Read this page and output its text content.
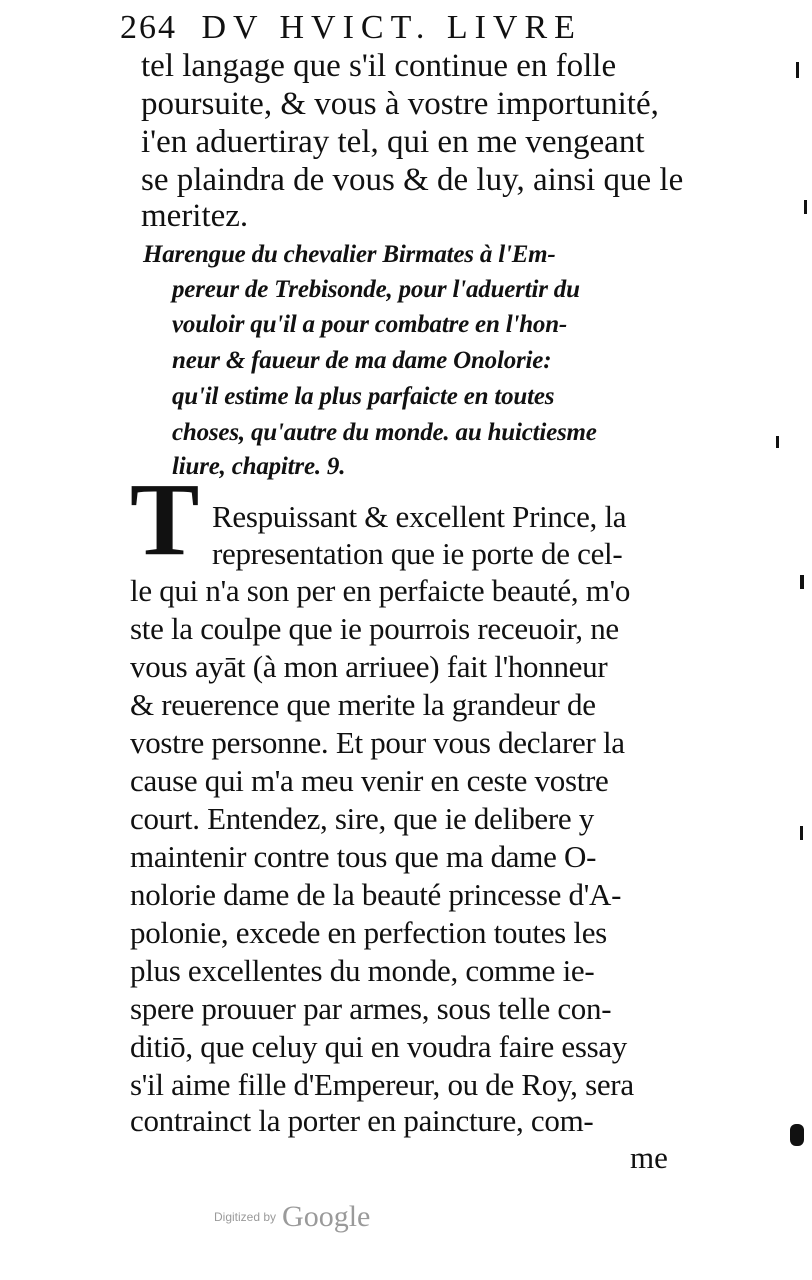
264 DV HVICT. LIVRE
tel langage que s'il continue en folle
poursuite, & vous à vostre importunité,
i'en aduertiray tel, qui en me vengeant
se plaindra de vous & de luy, ainsi que le
meritez.
Harengue du chevalier Birmates à l'Em-
pereur de Trebisonde, pour l'aduertir du
vouloir qu'il a pour combatre en l'hon-
neur & faueur de ma dame Onolorie:
qu'il estime la plus parfaicte en toutes
choses, qu'autre du monde. au huictiesme
liure, chapitre. 9.
T Respuissant & excellent Prince, la
representation que ie porte de cel-
le qui n'a son per en perfaicte beauté, m'o
ste la coulpe que ie pourrois receuoir, ne
vous ayāt (à mon arriuee) fait l'honneur
& reuerence que merite la grandeur de
vostre personne. Et pour vous declarer la
cause qui m'a meu venir en ceste vostre
court. Entendez, sire, que ie delibere y
maintenir contre tous que ma dame O-
nolorie dame de la beauté princesse d'A-
polonie, excede en perfection toutes les
plus excellentes du monde, comme ie-
spere prouuer par armes, sous telle con-
ditiō, que celuy qui en voudra faire essay
s'il aime fille d'Empereur, ou de Roy, sera
contrainct la porter en paincture, com-
me
Digitized by Google
